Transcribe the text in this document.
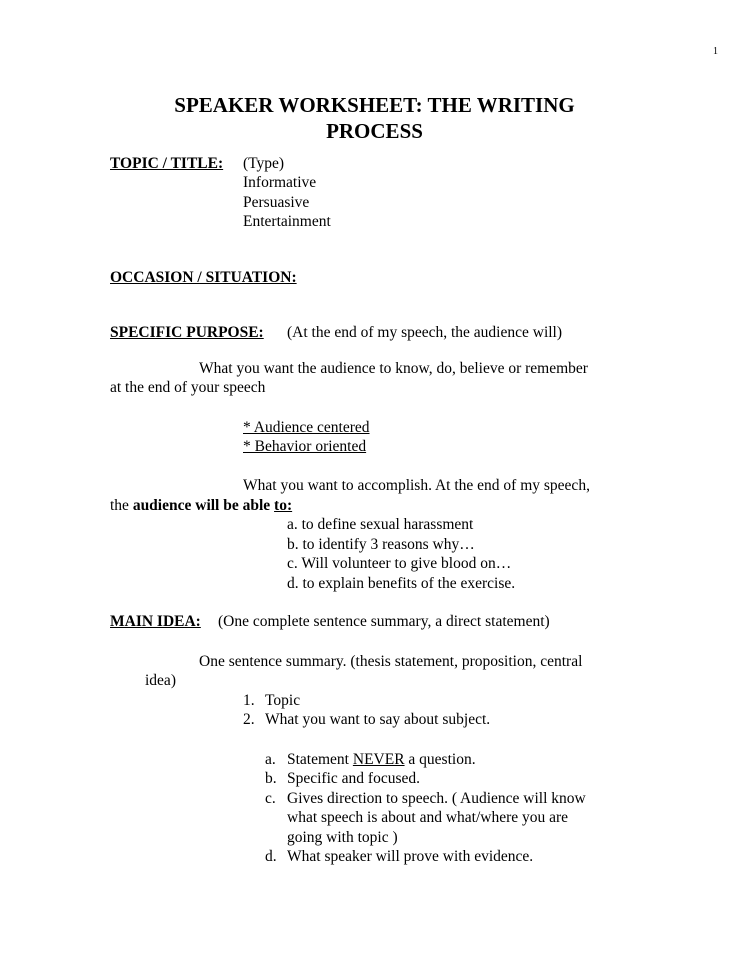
1
SPEAKER WORKSHEET: THE WRITING
PROCESS
TOPIC / TITLE: (Type)
Informative
Persuasive
Entertainment
OCCASION / SITUATION:
SPECIFIC PURPOSE: (At the end of my speech, the audience will)
What you want the audience to know, do, believe or remember
at the end of your speech
* Audience centered
* Behavior oriented
What you want to accomplish. At the end of my speech,
the audience will be able to:
a. to define sexual harassment
b. to identify 3 reasons why…
c. Will volunteer to give blood on…
d. to explain benefits of the exercise.
MAIN IDEA: (One complete sentence summary, a direct statement)
One sentence summary. (thesis statement, proposition, central
idea)
1. Topic
2. What you want to say about subject.
a. Statement NEVER a question.
b. Specific and focused.
c. Gives direction to speech. ( Audience will know
what speech is about and what/where you are
going with topic )
d. What speaker will prove with evidence.
